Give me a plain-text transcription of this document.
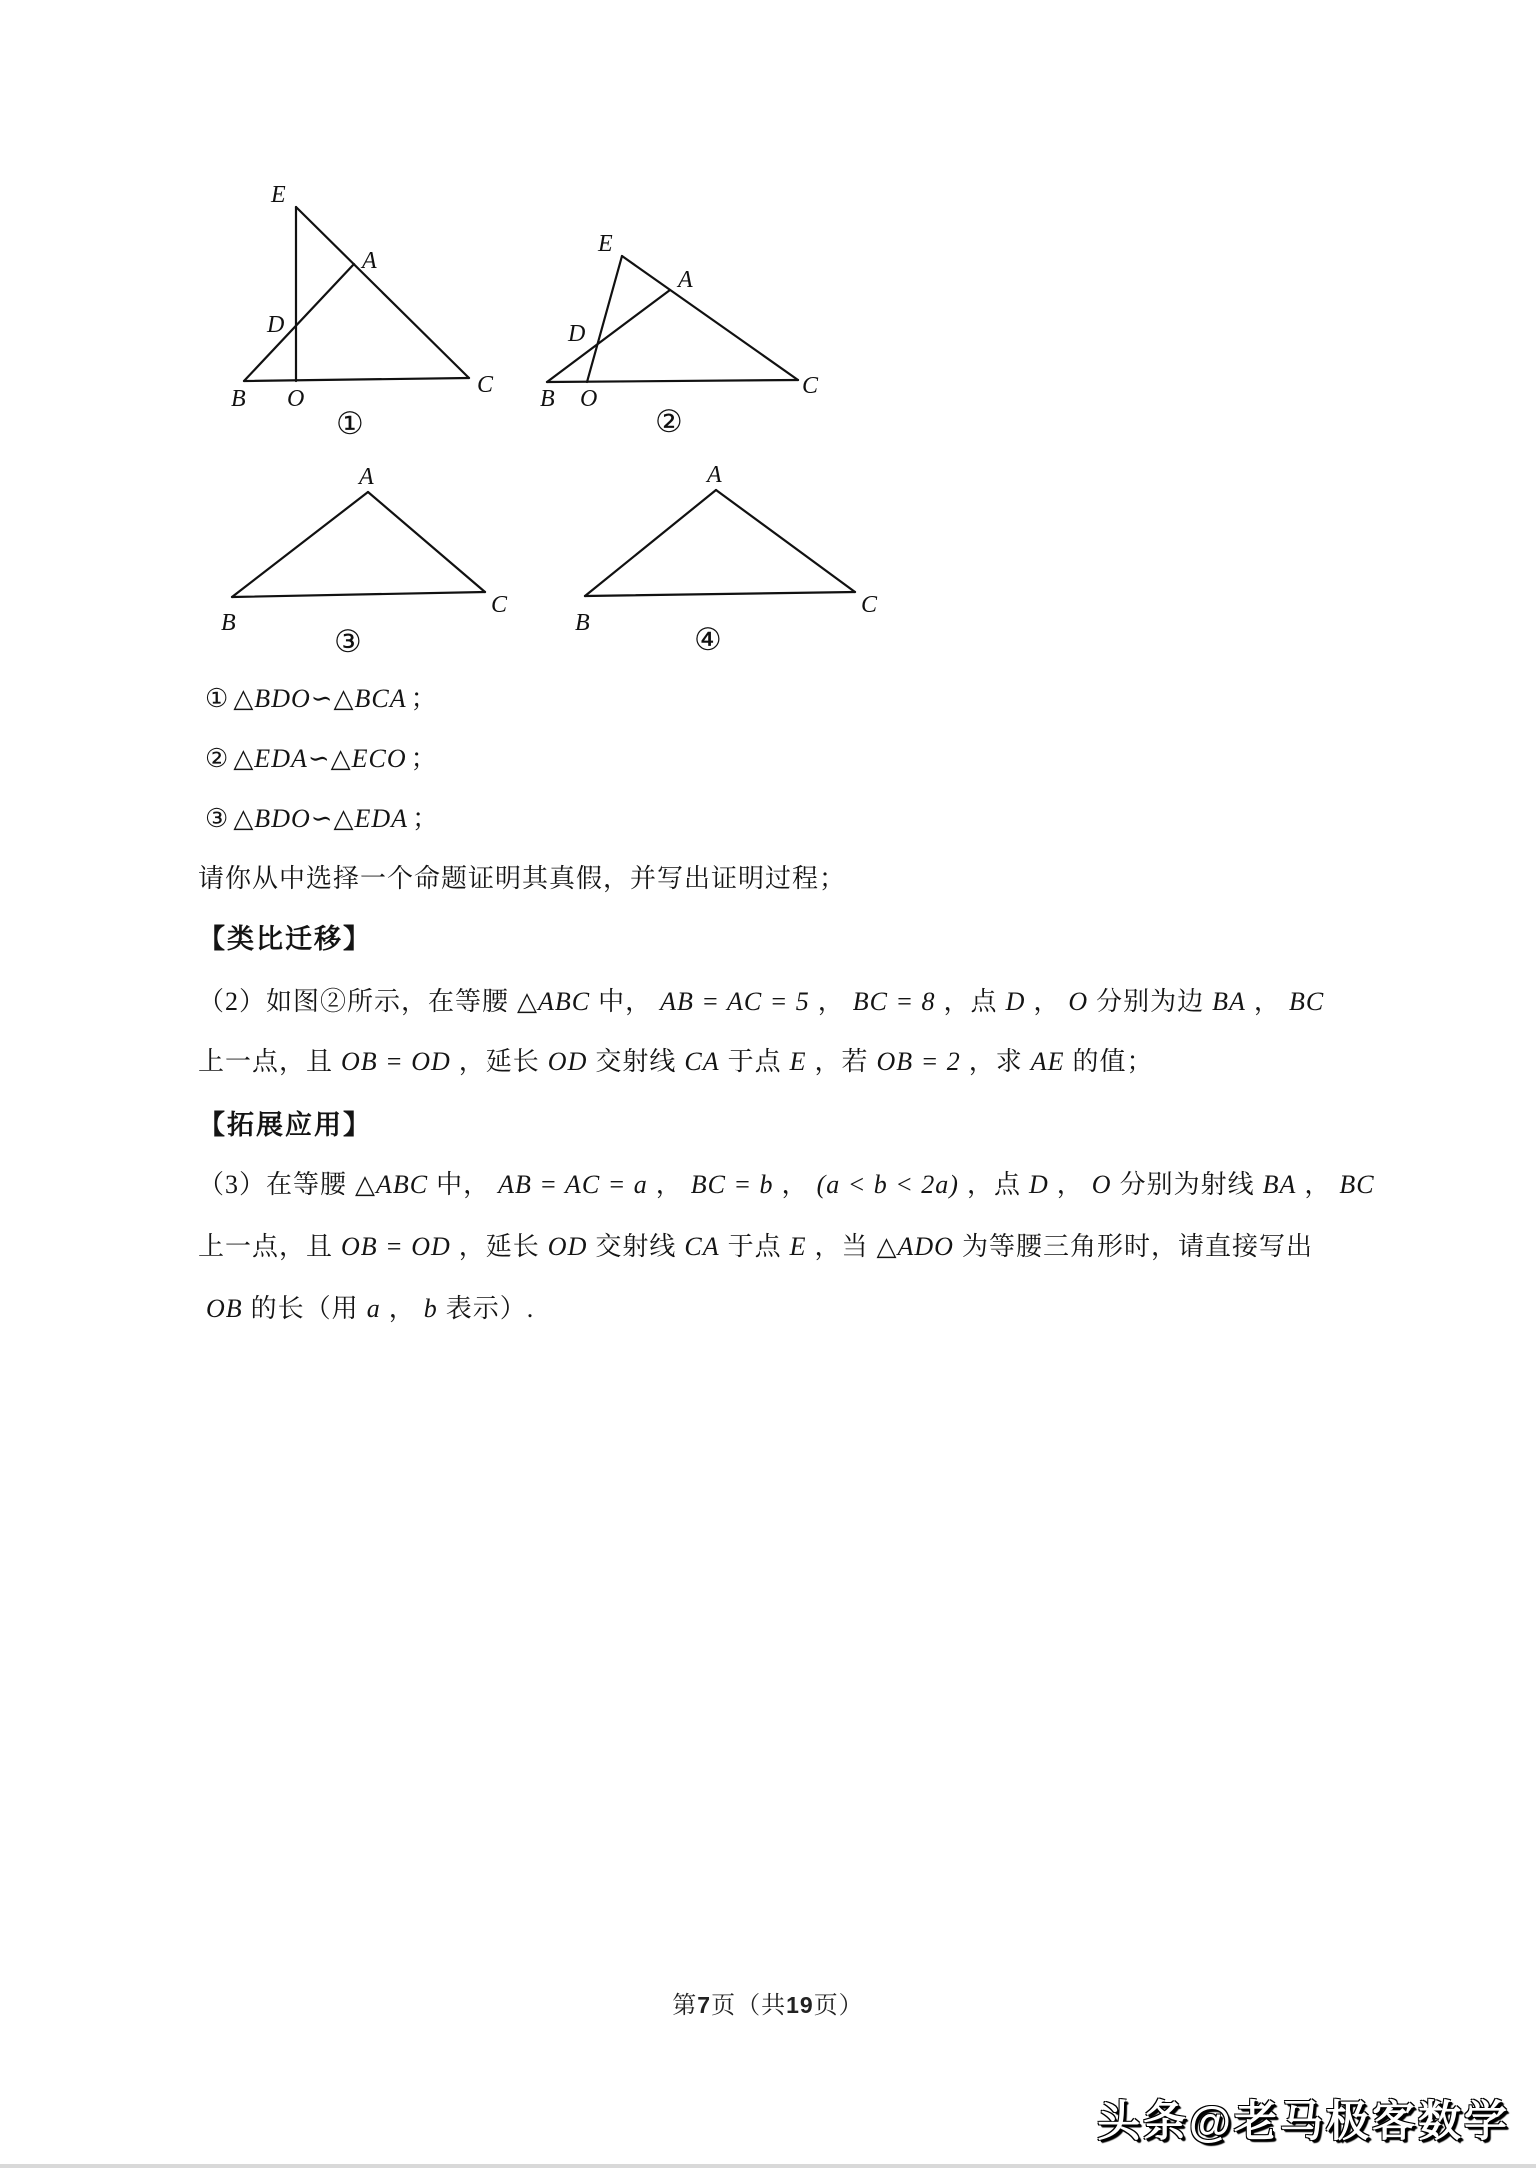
E
A
D
B O
C
①
E
A
D
B O	C
②
A
B
C
③
A
B
C
④
① △BDO∽△BCA ；
② △EDA∽△ECO ；
③ △BDO∽△EDA ；
请你从中选择一个命题证明其真假，并写出证明过程；
【类比迁移】
（2）如图②所示，在等腰 △ABC 中， AB = AC = 5 ， BC = 8 ，点 D ， O 分别为边 BA ， BC
上一点，且 OB = OD ，延长 OD 交射线 CA 于点 E ，若 OB = 2 ，求 AE 的值；
【拓展应用】
（3）在等腰 △ABC 中， AB = AC = a ， BC = b ， (a < b < 2a) ，点 D ， O 分别为射线 BA ， BC
上一点，且 OB = OD ，延长 OD 交射线 CA 于点 E ，当 △ADO 为等腰三角形时，请直接写出
OB 的长（用 a ， b 表示）.
第7页（共19页）
头条@老马极客数学
